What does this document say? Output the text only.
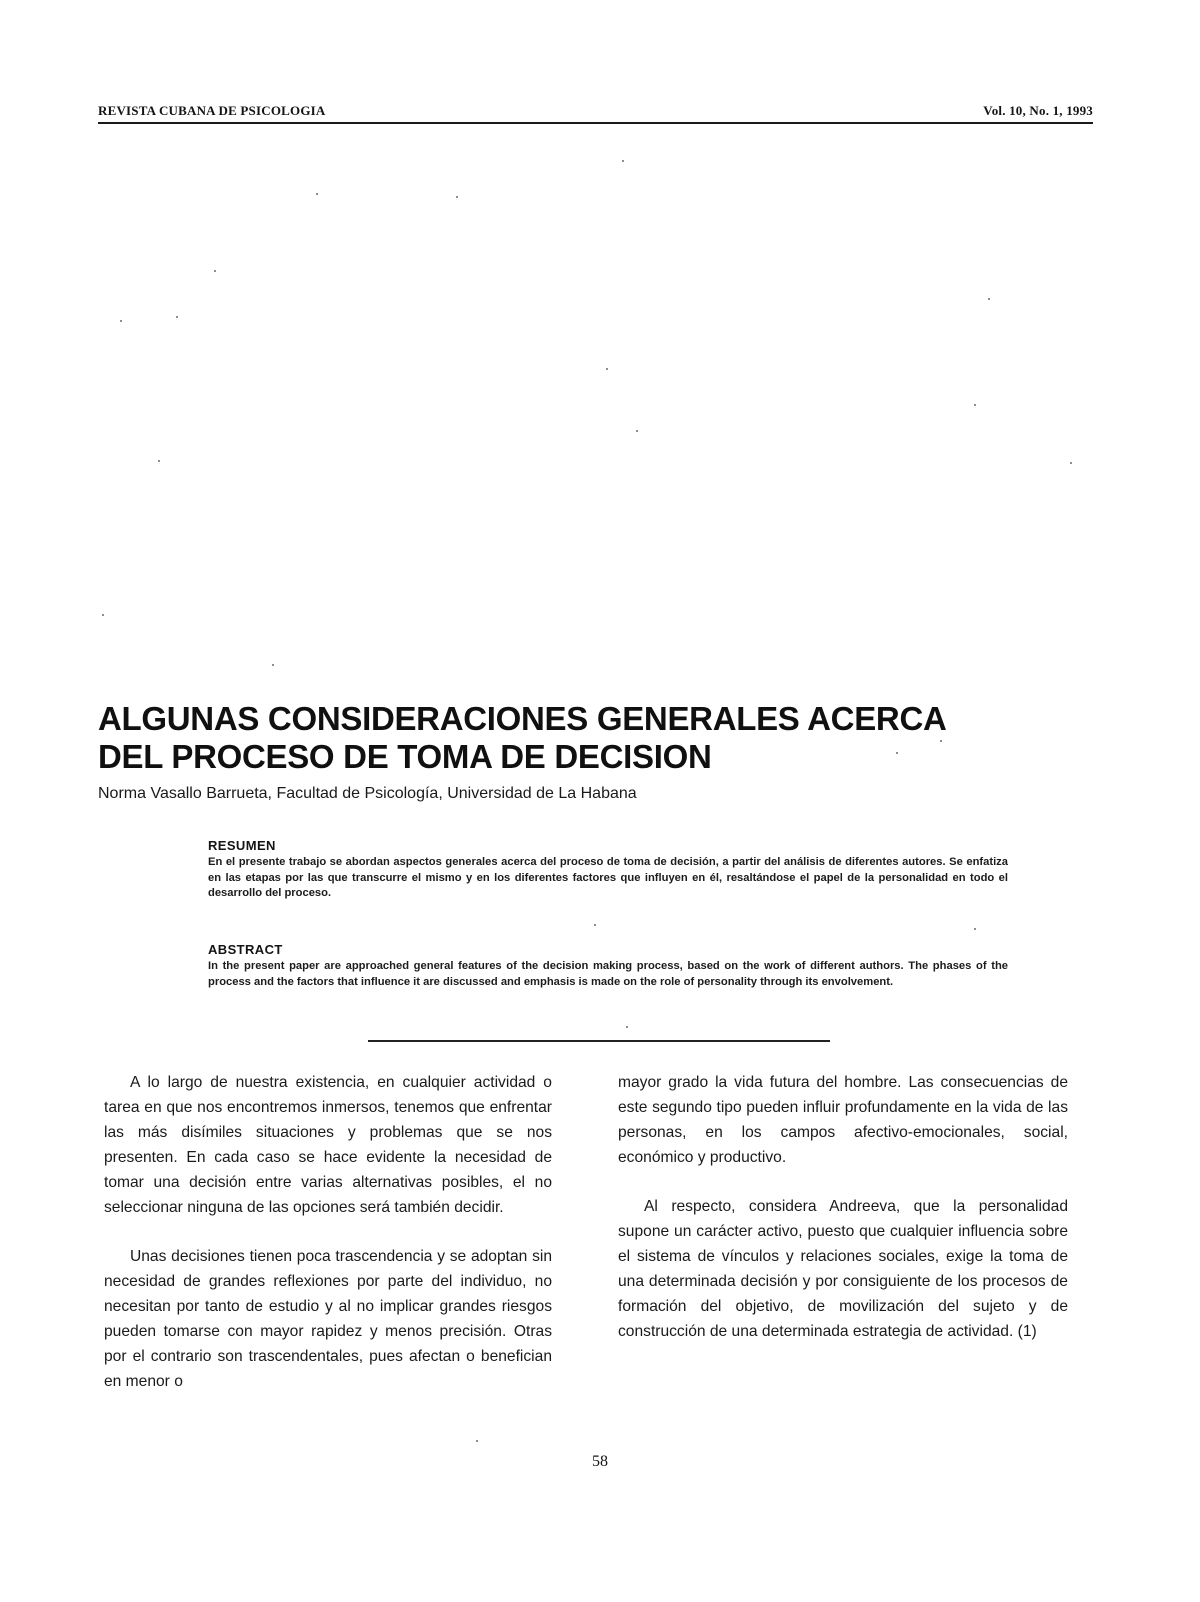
REVISTA CUBANA DE PSICOLOGIA	Vol. 10, No. 1, 1993
ALGUNAS CONSIDERACIONES GENERALES ACERCA
DEL PROCESO DE TOMA DE DECISION
Norma Vasallo Barrueta, Facultad de Psicología, Universidad de La Habana
RESUMEN
En el presente trabajo se abordan aspectos generales acerca del proceso de toma de decisión, a partir del análisis de diferentes autores. Se enfatiza en las etapas por las que transcurre el mismo y en los diferentes factores que influyen en él, resaltándose el papel de la personalidad en todo el desarrollo del proceso.
ABSTRACT
In the present paper are approached general features of the decision making process, based on the work of different authors. The phases of the process and the factors that influence it are discussed and emphasis is made on the role of personality through its envolvement.

A lo largo de nuestra existencia, en cualquier actividad o tarea en que nos encontremos inmersos, tenemos que enfrentar las más disímiles situaciones y problemas que se nos presenten. En cada caso se hace evidente la necesidad de tomar una decisión entre varias alternativas posibles, el no seleccionar ninguna de las opciones será también decidir.

Unas decisiones tienen poca trascendencia y se adoptan sin necesidad de grandes reflexiones por parte del individuo, no necesitan por tanto de estudio y al no implicar grandes riesgos pueden tomarse con mayor rapidez y menos precisión. Otras por el contrario son trascendentales, pues afectan o benefician en menor o

mayor grado la vida futura del hombre. Las consecuencias de este segundo tipo pueden influir profundamente en la vida de las personas, en los campos afectivo-emocionales, social, económico y productivo.

Al respecto, considera Andreeva, que la personalidad supone un carácter activo, puesto que cualquier influencia sobre el sistema de vínculos y relaciones sociales, exige la toma de una determinada decisión y por consiguiente de los procesos de formación del objetivo, de movilización del sujeto y de construcción de una determinada estrategia de actividad. (1)

58
